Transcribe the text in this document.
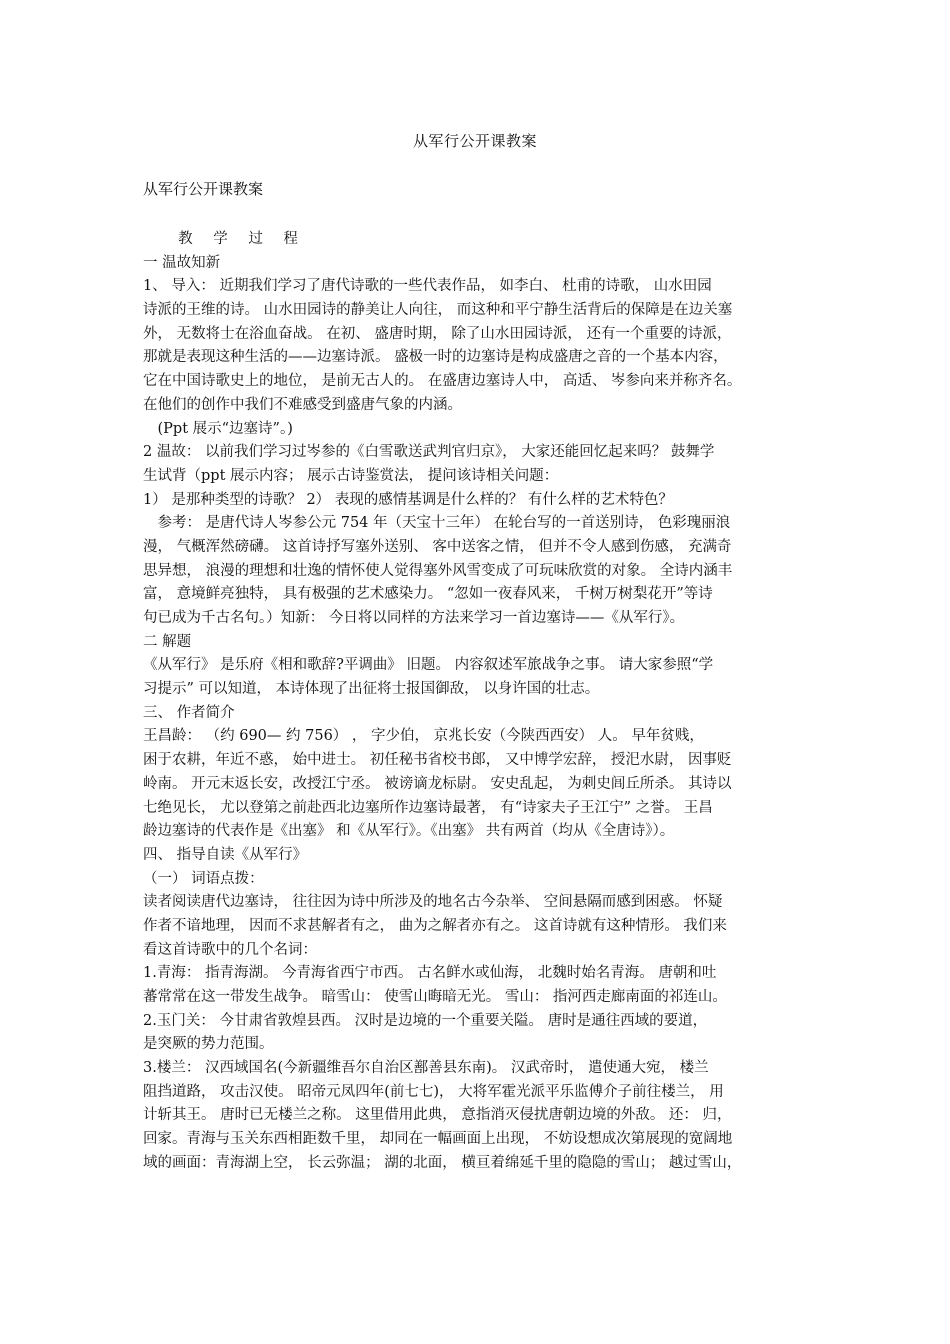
从军行公开课教案
从军行公开课教案
　 教 学 过 程
一 温故知新
1、 导入： 近期我们学习了唐代诗歌的一些代表作品， 如李白、 杜甫的诗歌， 山水田园
诗派的王维的诗。 山水田园诗的静美让人向往， 而这种和平宁静生活背后的保障是在边关塞
外， 无数将士在浴血奋战。 在初、 盛唐时期， 除了山水田园诗派， 还有一个重要的诗派，
那就是表现这种生活的——边塞诗派。 盛极一时的边塞诗是构成盛唐之音的一个基本内容，
它在中国诗歌史上的地位， 是前无古人的。 在盛唐边塞诗人中， 高适、 岑参向来并称齐名。
在他们的创作中我们不难感受到盛唐气象的内涵。
　(Ppt 展示“边塞诗”。)
2 温故： 以前我们学习过岑参的《白雪歌送武判官归京》， 大家还能回忆起来吗？ 鼓舞学
生试背（ppt 展示内容； 展示古诗鉴赏法， 提问该诗相关问题：
1） 是那种类型的诗歌？ 2） 表现的感情基调是什么样的？ 有什么样的艺术特色？
　参考： 是唐代诗人岑参公元 754 年（天宝十三年） 在轮台写的一首送别诗， 色彩瑰丽浪
漫， 气概浑然磅礴。 这首诗抒写塞外送别、 客中送客之情， 但并不令人感到伤感， 充满奇
思异想， 浪漫的理想和壮逸的情怀使人觉得塞外风雪变成了可玩味欣赏的对象。 全诗内涵丰
富， 意境鲜亮独特， 具有极强的艺术感染力。 “忽如一夜春风来， 千树万树梨花开”等诗
句已成为千古名句。）知新： 今日将以同样的方法来学习一首边塞诗——《从军行》。
二 解题
《从军行》 是乐府《相和歌辞?平调曲》 旧题。 内容叙述军旅战争之事。 请大家参照“学
习提示” 可以知道， 本诗体现了出征将士报国御敌， 以身许国的壮志。
三、 作者简介
王昌龄： （约 690— 约 756） ， 字少伯， 京兆长安（今陕西西安） 人。 早年贫贱，
困于农耕，年近不惑， 始中进士。 初任秘书省校书郎， 又中博学宏辞， 授汜水尉， 因事贬
岭南。 开元末返长安，改授江宁丞。 被谤谪龙标尉。 安史乱起， 为刺史闾丘所杀。 其诗以
七绝见长， 尤以登第之前赴西北边塞所作边塞诗最著， 有“诗家夫子王江宁” 之誉。 王昌
龄边塞诗的代表作是《出塞》 和《从军行》。《出塞》 共有两首（均从《全唐诗》）。
四、 指导自读《从军行》
（一） 词语点拨：
读者阅读唐代边塞诗， 往往因为诗中所涉及的地名古今杂举、 空间悬隔而感到困惑。 怀疑
作者不谙地理， 因而不求甚解者有之， 曲为之解者亦有之。 这首诗就有这种情形。 我们来
看这首诗歌中的几个名词：
1.青海： 指青海湖。 今青海省西宁市西。 古名鲜水或仙海， 北魏时始名青海。 唐朝和吐
蕃常常在这一带发生战争。 暗雪山： 使雪山晦暗无光。 雪山： 指河西走廊南面的祁连山。
2.玉门关： 今甘肃省敦煌县西。 汉时是边境的一个重要关隘。 唐时是通往西域的要道，
是突厥的势力范围。
3.楼兰： 汉西域国名(今新疆维吾尔自治区鄯善县东南)。 汉武帝时， 遣使通大宛， 楼兰
阻挡道路， 攻击汉使。 昭帝元凤四年(前七七)， 大将军霍光派平乐监傅介子前往楼兰， 用
计斩其王。 唐时已无楼兰之称。 这里借用此典， 意指消灭侵扰唐朝边境的外敌。 还： 归，
回家。青海与玉关东西相距数千里， 却同在一幅画面上出现， 不妨设想成次第展现的宽阔地
域的画面：青海湖上空， 长云弥温； 湖的北面， 横亘着绵延千里的隐隐的雪山； 越过雪山，
